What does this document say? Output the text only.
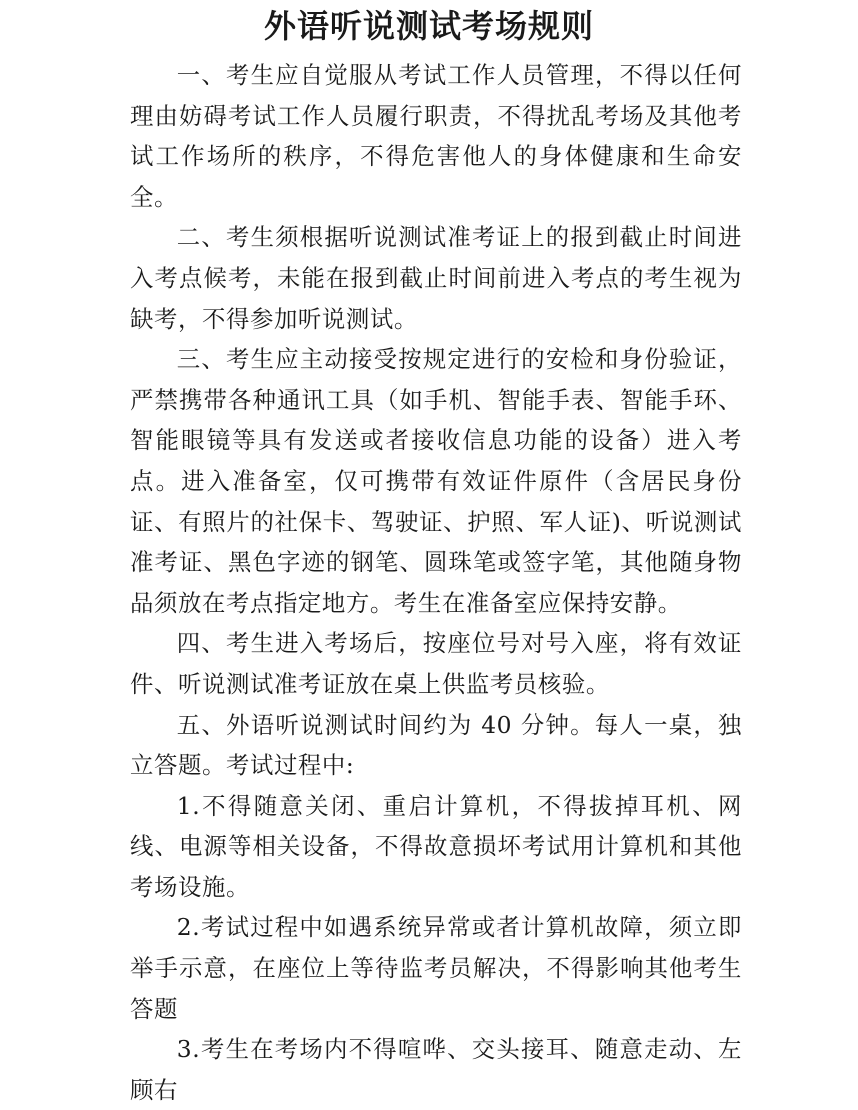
外语听说测试考场规则

一、考生应自觉服从考试工作人员管理，不得以任何理由妨碍考试工作人员履行职责，不得扰乱考场及其他考试工作场所的秩序，不得危害他人的身体健康和生命安全。

二、考生须根据听说测试准考证上的报到截止时间进入考点候考，未能在报到截止时间前进入考点的考生视为缺考，不得参加听说测试。

三、考生应主动接受按规定进行的安检和身份验证，严禁携带各种通讯工具（如手机、智能手表、智能手环、智能眼镜等具有发送或者接收信息功能的设备）进入考点。进入准备室，仅可携带有效证件原件（含居民身份证、有照片的社保卡、驾驶证、护照、军人证)、听说测试准考证、黑色字迹的钢笔、圆珠笔或签字笔，其他随身物品须放在考点指定地方。考生在准备室应保持安静。

四、考生进入考场后，按座位号对号入座，将有效证件、听说测试准考证放在桌上供监考员核验。

五、外语听说测试时间约为 40 分钟。每人一桌，独立答题。考试过程中:

1.不得随意关闭、重启计算机，不得拔掉耳机、网线、电源等相关设备，不得故意损坏考试用计算机和其他考场设施。

2.考试过程中如遇系统异常或者计算机故障，须立即举手示意，在座位上等待监考员解决，不得影响其他考生答题

3.考生在考场内不得喧哗、交头接耳、随意走动、左顾右
